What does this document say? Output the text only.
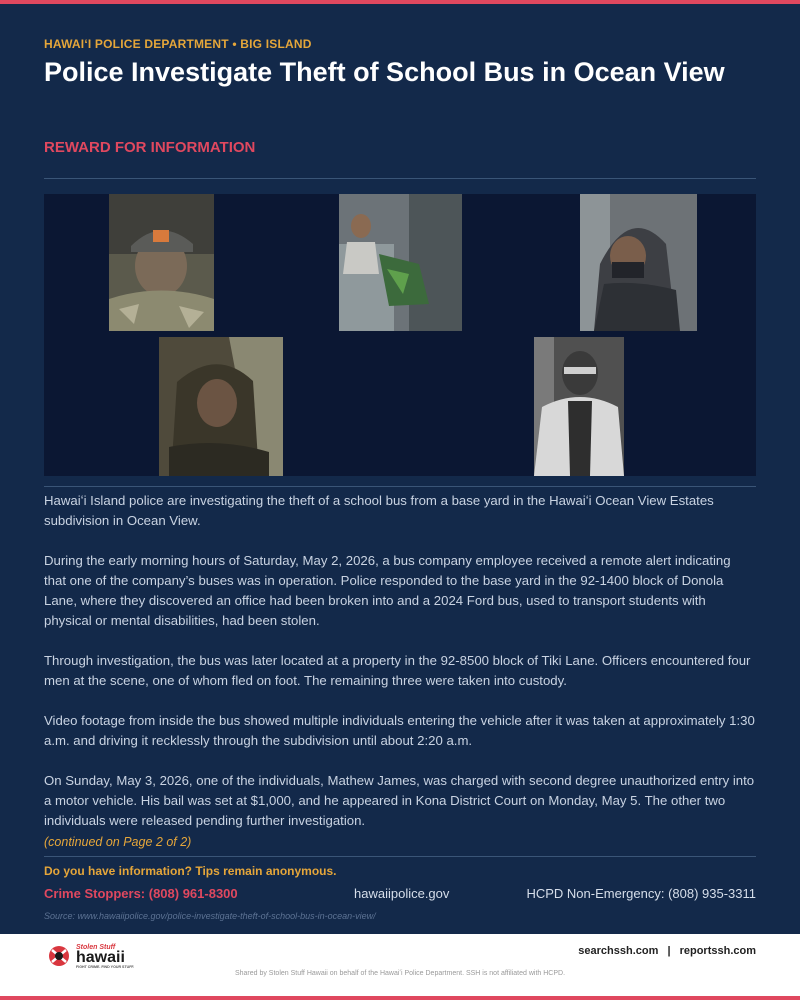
HAWAIʻI POLICE DEPARTMENT • BIG ISLAND
Police Investigate Theft of School Bus in Ocean View
REWARD FOR INFORMATION

Hawaiʻi Island police are investigating the theft of a school bus from a base yard in the Hawaiʻi Ocean View Estates subdivision in Ocean View.

During the early morning hours of Saturday, May 2, 2026, a bus company employee received a remote alert indicating that one of the company’s buses was in operation. Police responded to the base yard in the 92-1400 block of Donola Lane, where they discovered an office had been broken into and a 2024 Ford bus, used to transport students with physical or mental disabilities, had been stolen.

Through investigation, the bus was later located at a property in the 92-8500 block of Tiki Lane. Officers encountered four men at the scene, one of whom fled on foot. The remaining three were taken into custody.

Video footage from inside the bus showed multiple individuals entering the vehicle after it was taken at approximately 1:30 a.m. and driving it recklessly through the subdivision until about 2:20 a.m.

On Sunday, May 3, 2026, one of the individuals, Mathew James, was charged with second degree unauthorized entry into a motor vehicle. His bail was set at $1,000, and he appeared in Kona District Court on Monday, May 5. The other two individuals were released pending further investigation.

(continued on Page 2 of 2)
Do you have information? Tips remain anonymous.
Crime Stoppers: (808) 961-8300	hawaiipolice.gov	HCPD Non-Emergency: (808) 935-3311
Source: www.hawaiipolice.gov/police-investigate-theft-of-school-bus-in-ocean-view/
Stolen Stuff
hawaii
FIGHT CRIME. FIND YOUR STUFF.
searchssh.com | reportssh.com
Shared by Stolen Stuff Hawaii on behalf of the Hawaiʻi Police Department. SSH is not affiliated with HCPD.
